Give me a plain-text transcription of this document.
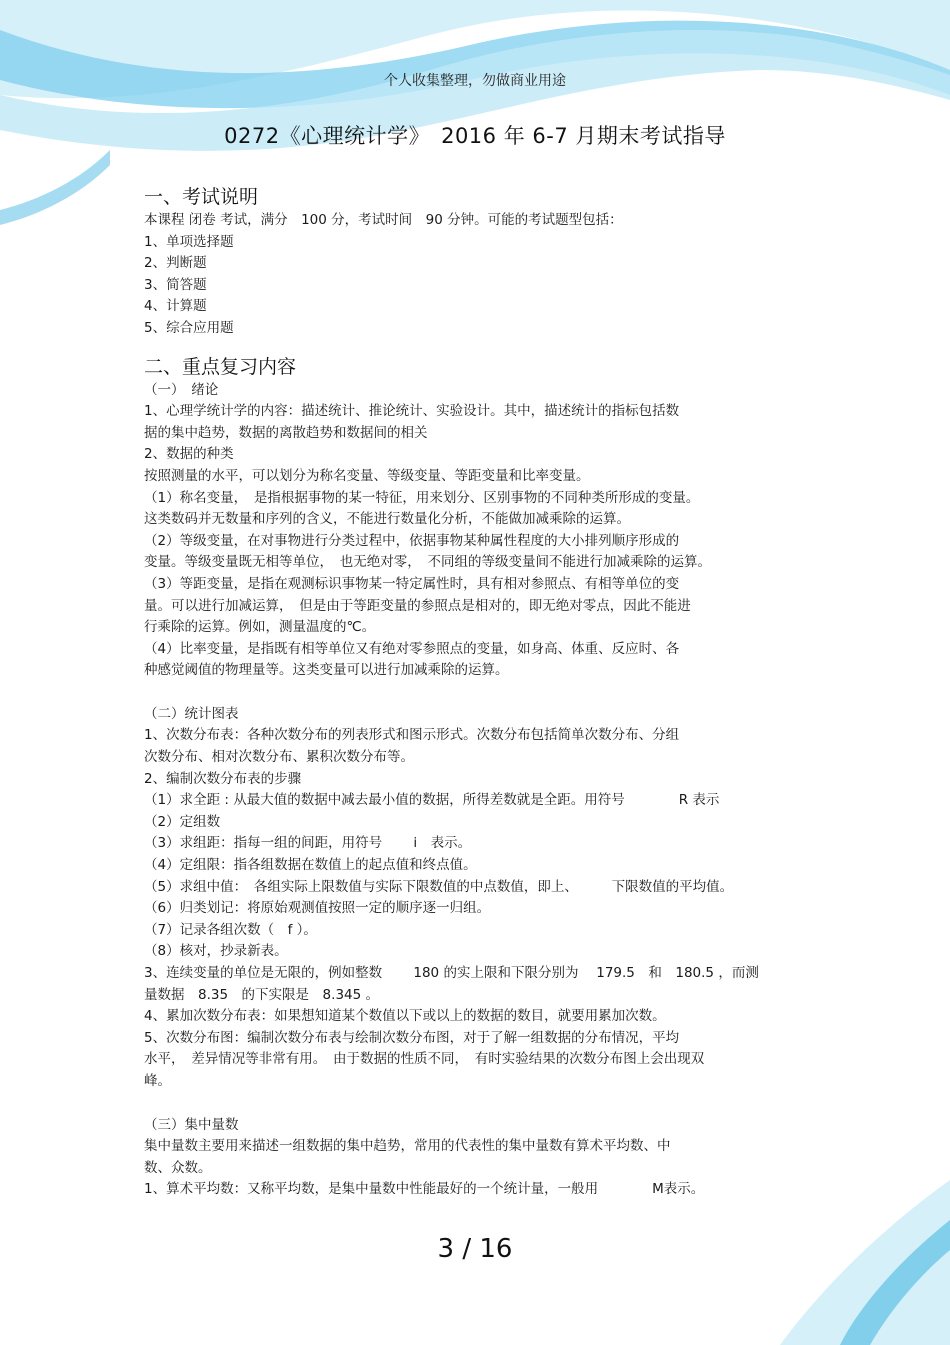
个人收集整理，勿做商业用途
0272《心理统计学》　2016 年 6-7 月期末考试指导
一、考试说明
本课程 闭卷 考试，满分　100 分，考试时间　90 分钟。可能的考试题型包括：
1、单项选择题
2、判断题
3、简答题
4、计算题
5、综合应用题
二、重点复习内容
（一）　绪论
1、心理学统计学的内容：描述统计、推论统计、实验设计。其中，描述统计的指标包括数
据的集中趋势，数据的离散趋势和数据间的相关
2、数据的种类
按照测量的水平，可以划分为称名变量、等级变量、等距变量和比率变量。
（1）称名变量，　是指根据事物的某一特征，用来划分、区别事物的不同种类所形成的变量。
这类数码并无数量和序列的含义，不能进行数量化分析，不能做加减乘除的运算。
（2）等级变量，在对事物进行分类过程中，依据事物某种属性程度的大小排列顺序形成的
变量。等级变量既无相等单位，　也无绝对零，　不同组的等级变量间不能进行加减乘除的运算。
（3）等距变量，是指在观测标识事物某一特定属性时，具有相对参照点、有相等单位的变
量。可以进行加减运算，　但是由于等距变量的参照点是相对的，即无绝对零点，因此不能进
行乘除的运算。例如，测量温度的℃。
（4）比率变量，是指既有相等单位又有绝对零参照点的变量，如身高、体重、反应时、各
种感觉阈值的物理量等。这类变量可以进行加减乘除的运算。
（二）统计图表
1、次数分布表：各种次数分布的列表形式和图示形式。次数分布包括简单次数分布、分组
次数分布、相对次数分布、累积次数分布等。
2、编制次数分布表的步骤
（1）求全距 : 从最大值的数据中减去最小值的数据，所得差数就是全距。用符号　　　　R 表示
（2）定组数
（3）求组距：指每一组的间距，用符号　　 i　表示。
（4）定组限：指各组数据在数值上的起点值和终点值。
（5）求组中值：　各组实际上限数值与实际下限数值的中点数值，即上、　　　下限数值的平均值。
（6）归类划记：将原始观测值按照一定的顺序逐一归组。
（7）记录各组次数（　f ）。
（8）核对，抄录新表。
3、连续变量的单位是无限的，例如整数　　 180 的实上限和下限分别为　 179.5　和　180.5 ，而测
量数据　8.35　的下实限是　8.345 。
4、累加次数分布表：如果想知道某个数值以下或以上的数据的数目，就要用累加次数。
5、次数分布图：编制次数分布表与绘制次数分布图，对于了解一组数据的分布情况，平均
水平，　差异情况等非常有用。　由于数据的性质不同，　有时实验结果的次数分布图上会出现双
峰。
（三）集中量数
集中量数主要用来描述一组数据的集中趋势，常用的代表性的集中量数有算术平均数、中
数、众数。
1、算术平均数：又称平均数，是集中量数中性能最好的一个统计量，一般用　　　　M表示。
3 / 16
